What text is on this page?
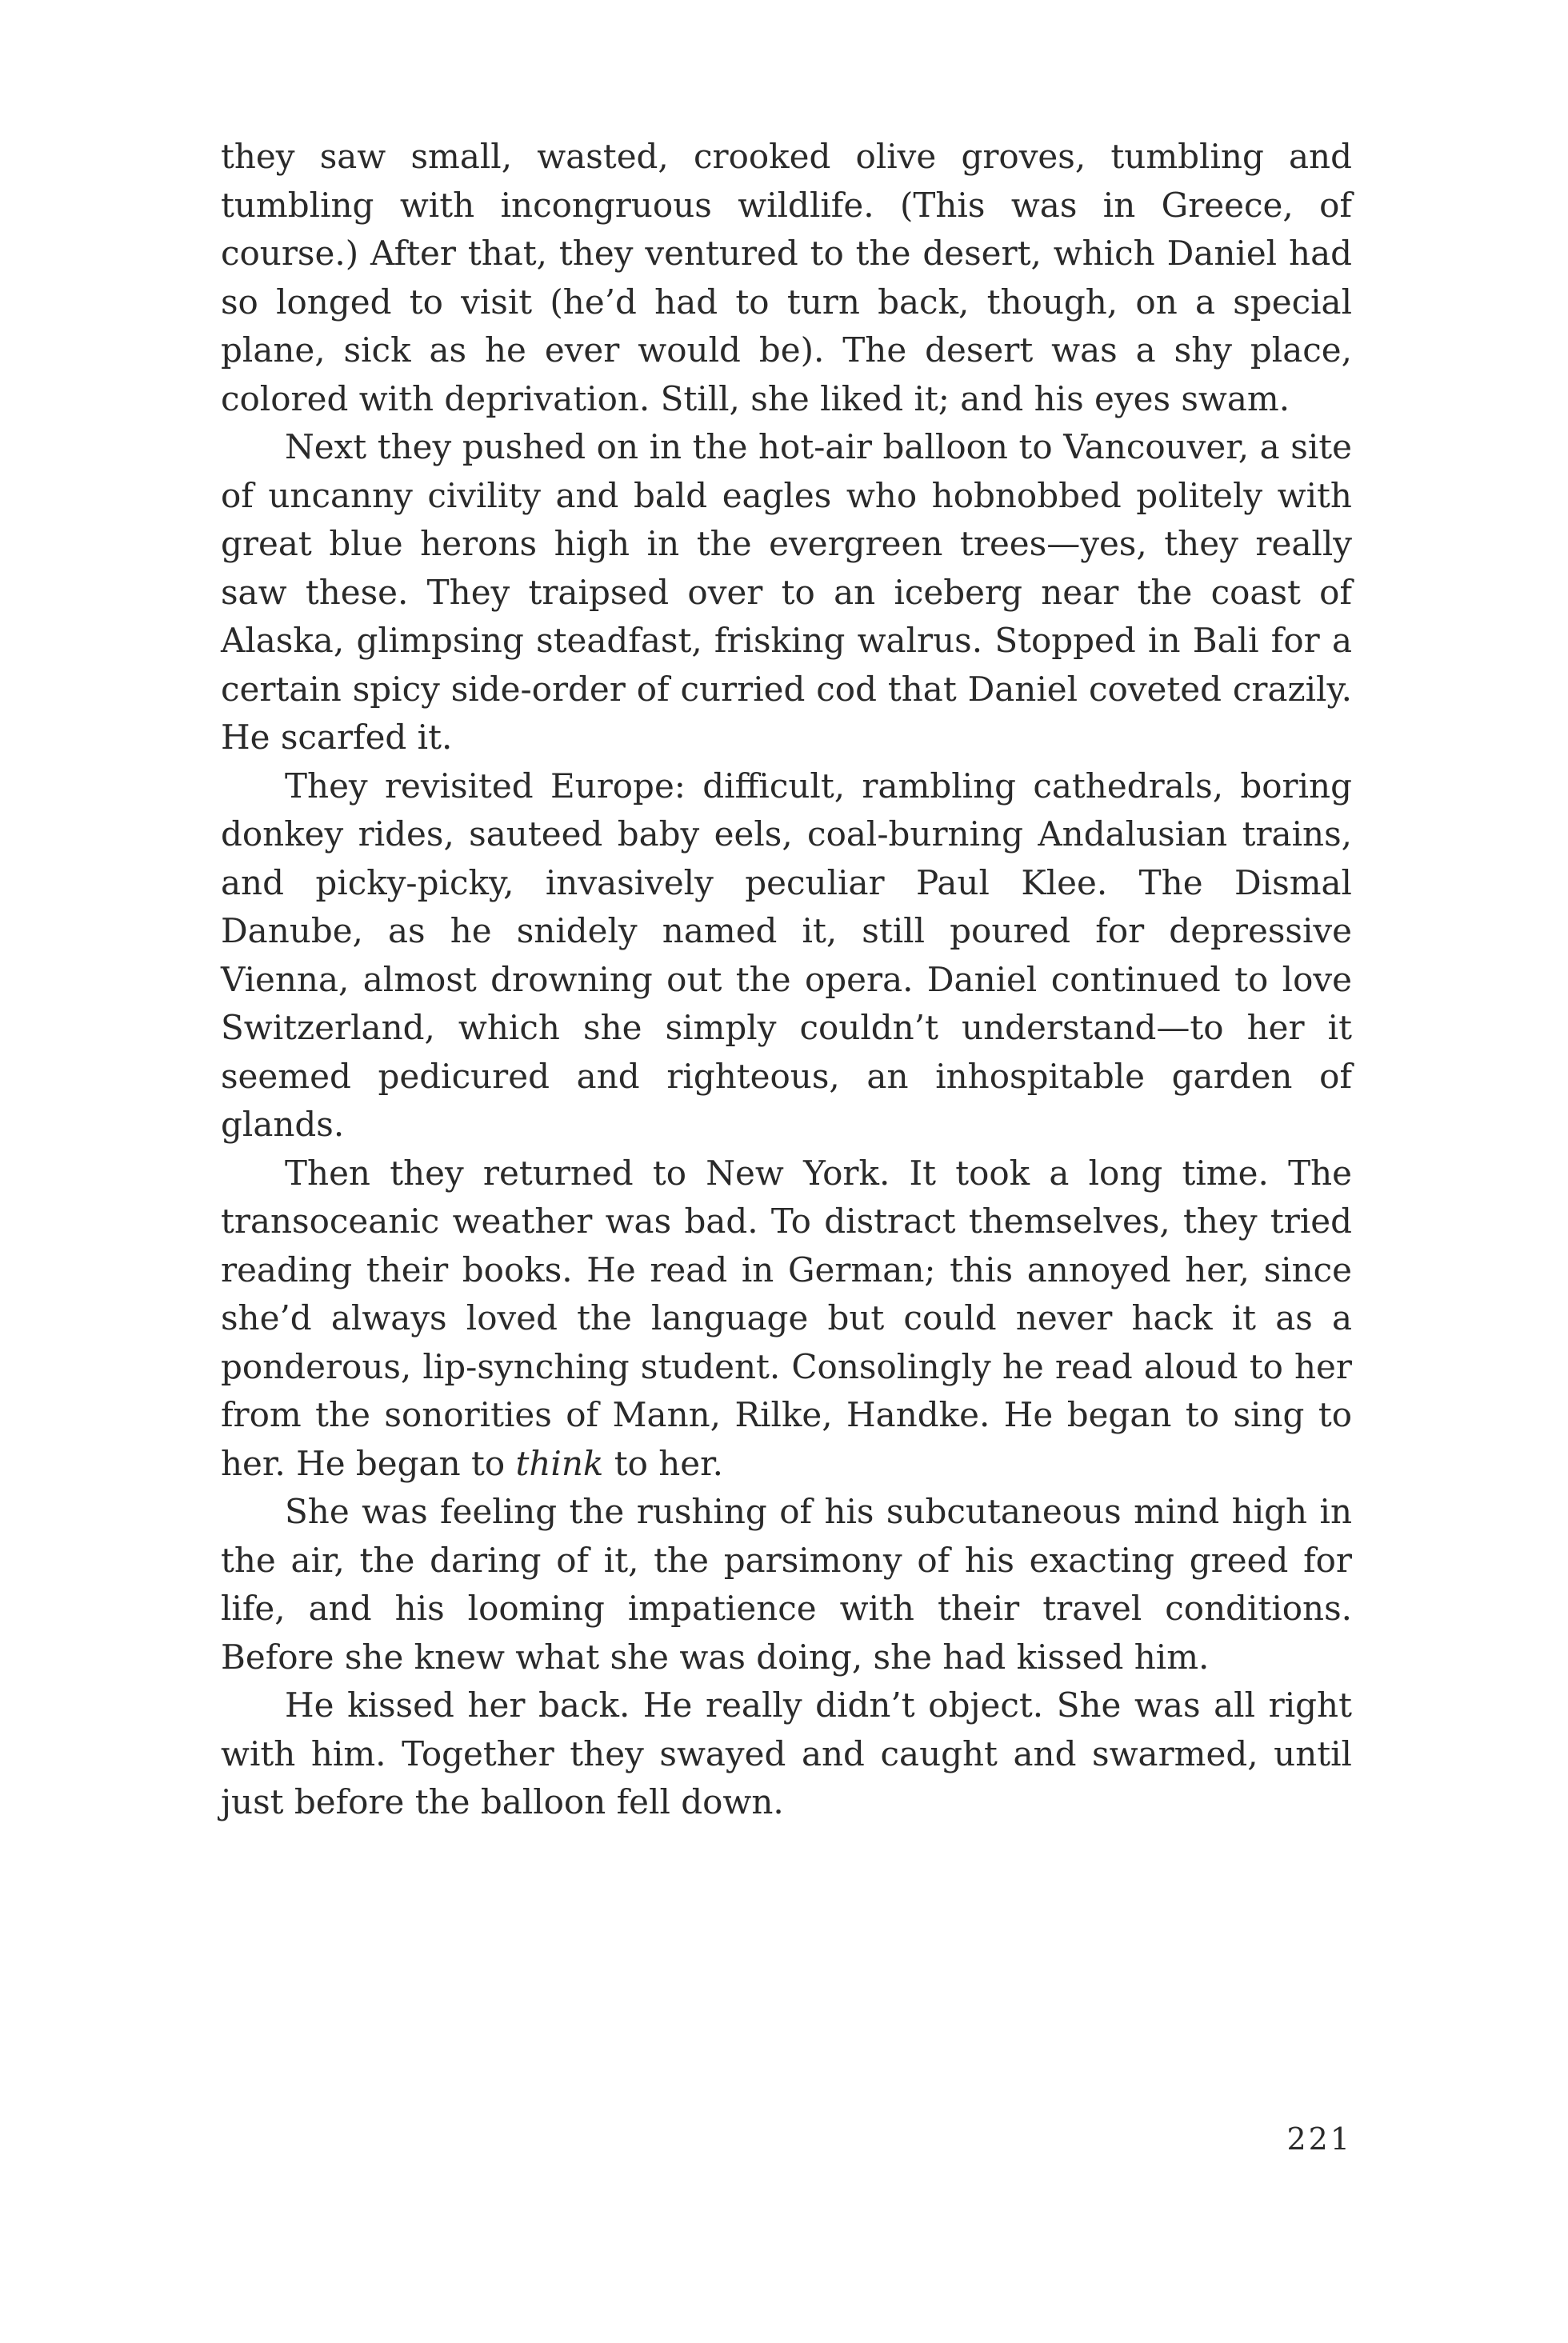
they saw small, wasted, crooked olive groves, tumbling and tumbling with incongruous wildlife. (This was in Greece, of course.) After that, they ventured to the desert, which Daniel had so longed to visit (he’d had to turn back, though, on a special plane, sick as he ever would be). The desert was a shy place, colored with deprivation. Still, she liked it; and his eyes swam.

Next they pushed on in the hot-air balloon to Vancouver, a site of uncanny civility and bald eagles who hobnobbed politely with great blue herons high in the evergreen trees—yes, they really saw these. They traipsed over to an iceberg near the coast of Alaska, glimpsing steadfast, frisking walrus. Stopped in Bali for a certain spicy side-order of curried cod that Daniel coveted crazily. He scarfed it.

They revisited Europe: difficult, rambling cathedrals, boring donkey rides, sauteed baby eels, coal-burning Andalusian trains, and picky-picky, invasively peculiar Paul Klee. The Dismal Danube, as he snidely named it, still poured for depressive Vienna, almost drowning out the opera. Daniel continued to love Switzerland, which she simply couldn’t understand—to her it seemed pedicured and righteous, an inhospitable garden of glands.

Then they returned to New York. It took a long time. The transoceanic weather was bad. To distract themselves, they tried reading their books. He read in German; this annoyed her, since she’d always loved the language but could never hack it as a ponderous, lip-synching student. Consolingly he read aloud to her from the sonorities of Mann, Rilke, Handke. He began to sing to her. He began to think to her.

She was feeling the rushing of his subcutaneous mind high in the air, the daring of it, the parsimony of his exacting greed for life, and his looming impatience with their travel conditions. Before she knew what she was doing, she had kissed him.

He kissed her back. He really didn’t object. She was all right with him. Together they swayed and caught and swarmed, until just before the balloon fell down.

221
